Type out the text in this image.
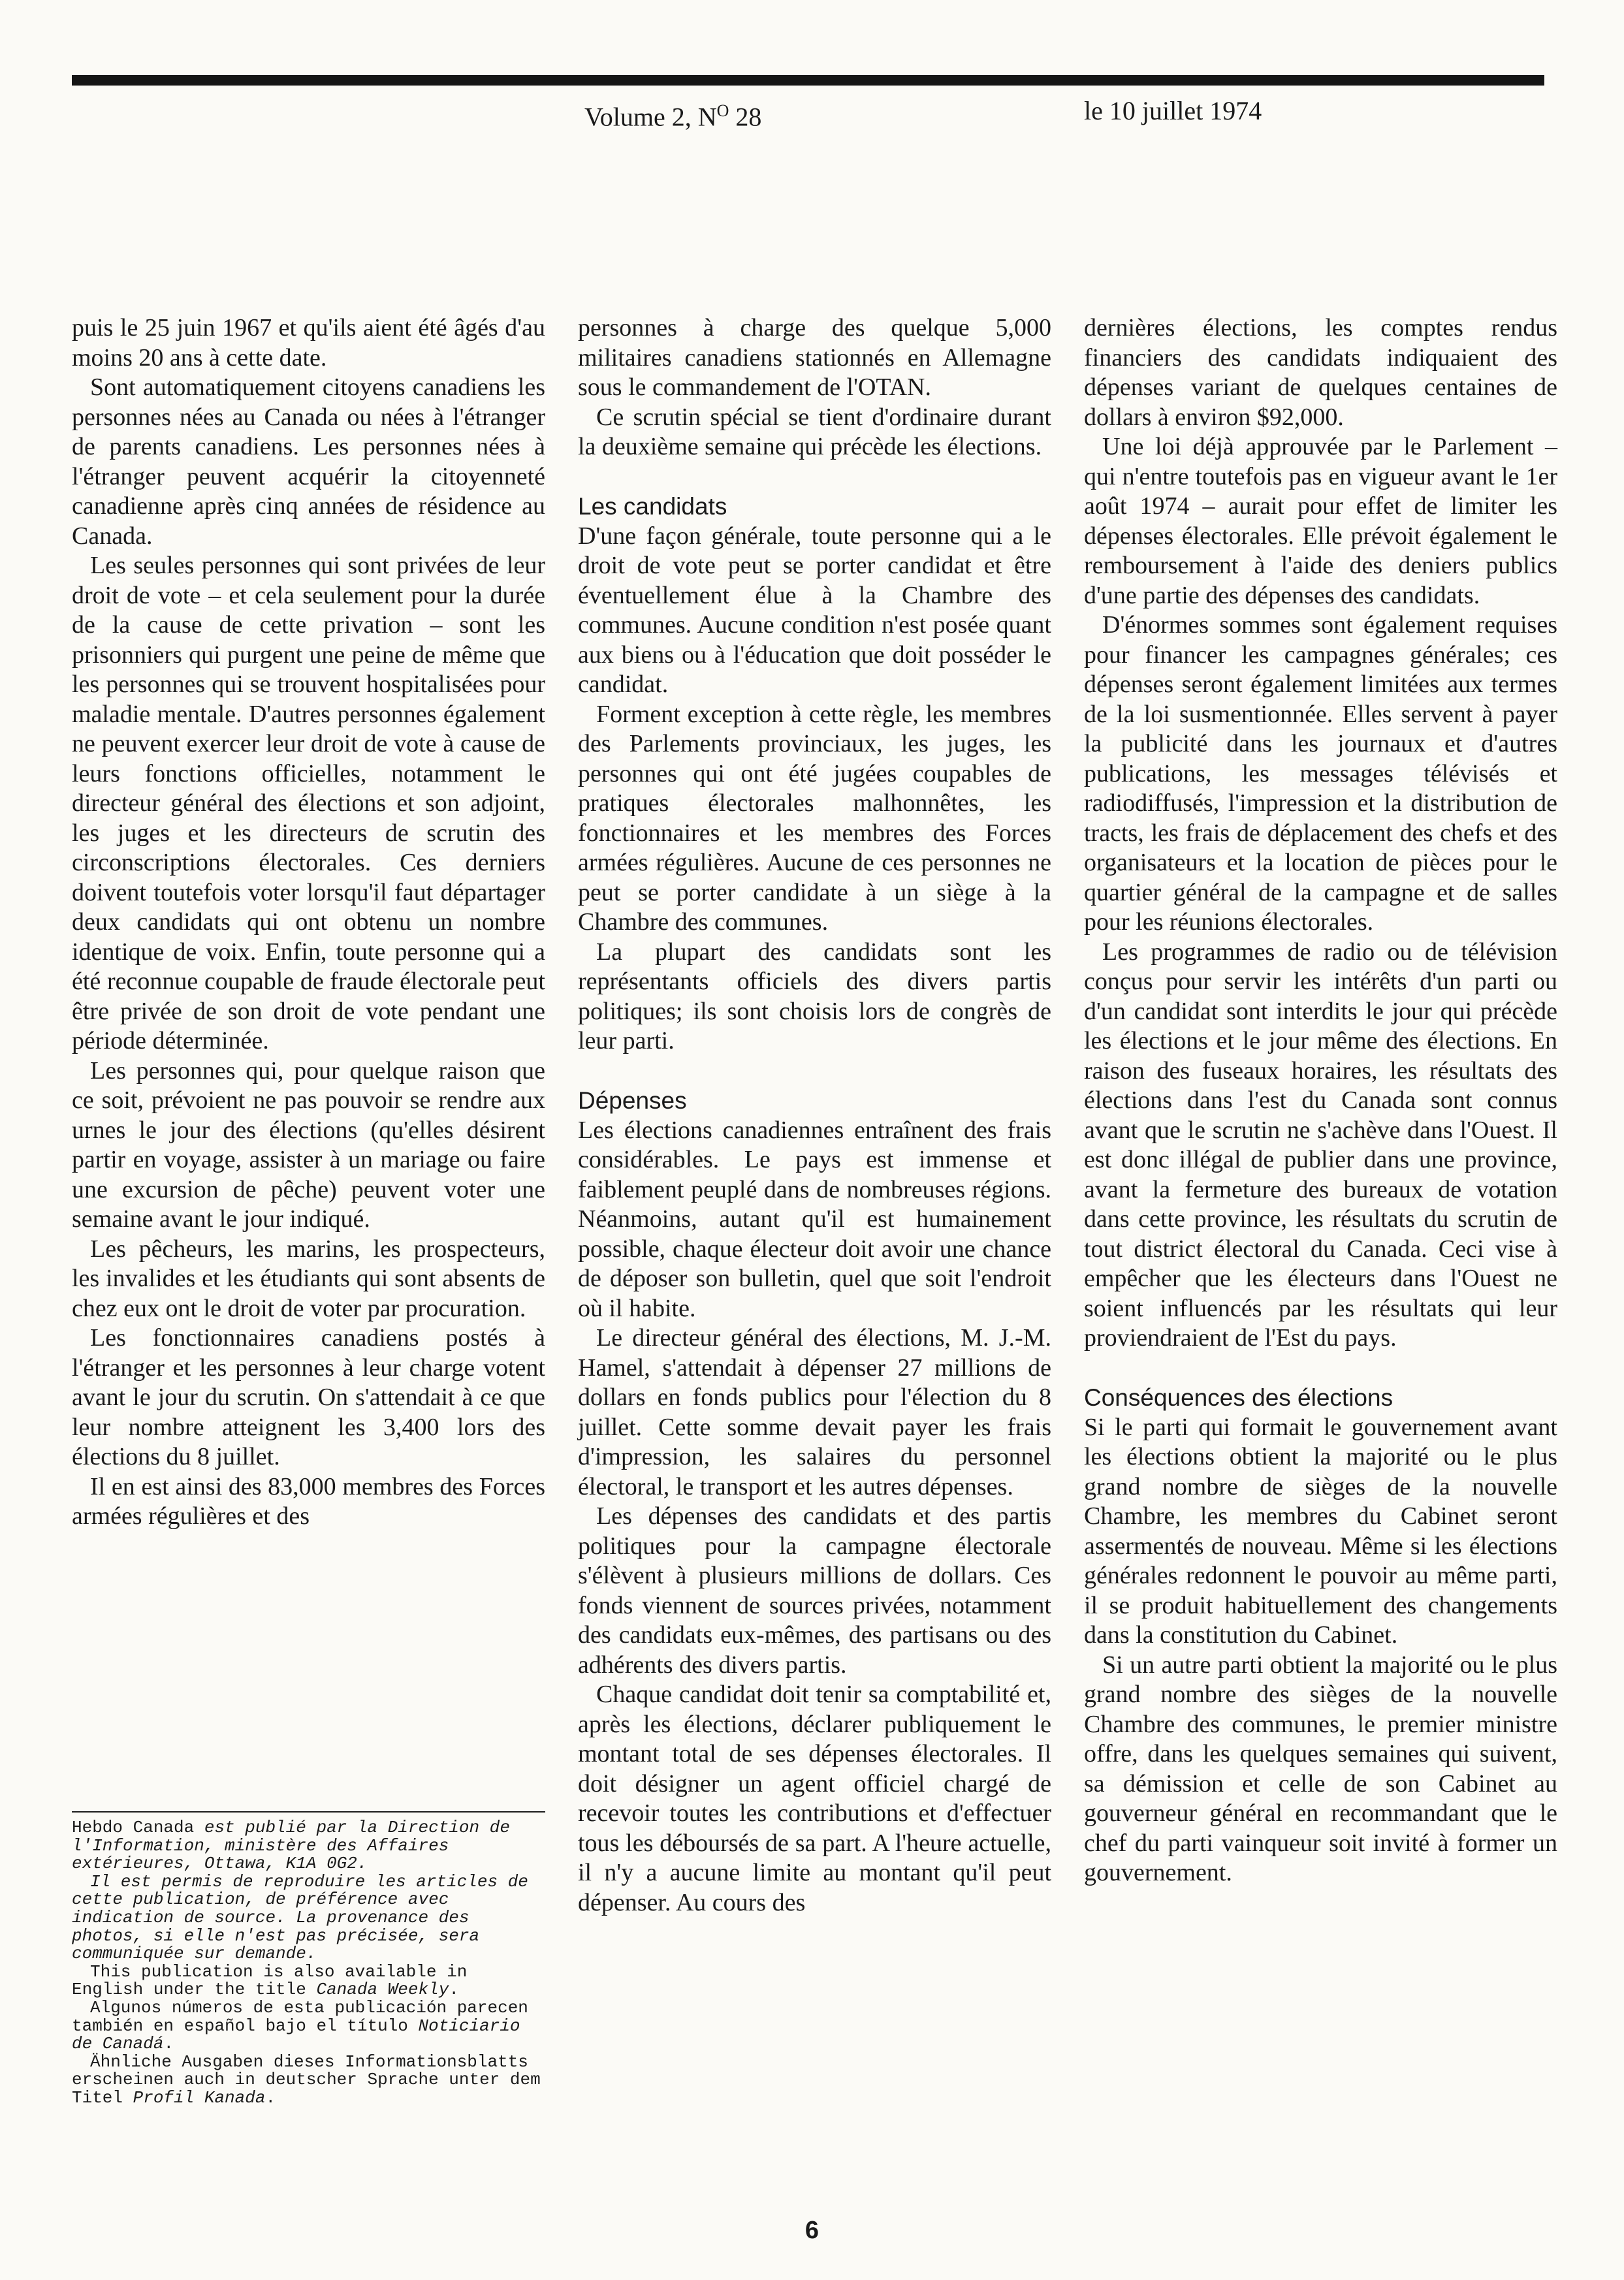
Volume 2, $N^O$ 28	le 10 juillet 1974

puis le 25 juin 1967 et qu'ils aient été âgés d'au moins 20 ans à cette date.

Sont automatiquement citoyens canadiens les personnes nées au Canada ou nées à l'étranger de parents canadiens. Les personnes nées à l'étranger peuvent acquérir la citoyenneté canadienne après cinq années de résidence au Canada.

Les seules personnes qui sont privées de leur droit de vote – et cela seulement pour la durée de la cause de cette privation – sont les prisonniers qui purgent une peine de même que les personnes qui se trouvent hospitalisées pour maladie mentale. D'autres personnes également ne peuvent exercer leur droit de vote à cause de leurs fonctions officielles, notamment le directeur général des élections et son adjoint, les juges et les directeurs de scrutin des circonscriptions électorales. Ces derniers doivent toutefois voter lorsqu'il faut départager deux candidats qui ont obtenu un nombre identique de voix. Enfin, toute personne qui a été reconnue coupable de fraude électorale peut être privée de son droit de vote pendant une période déterminée.

Les personnes qui, pour quelque raison que ce soit, prévoient ne pas pouvoir se rendre aux urnes le jour des élections (qu'elles désirent partir en voyage, assister à un mariage ou faire une excursion de pêche) peuvent voter une semaine avant le jour indiqué.

Les pêcheurs, les marins, les prospecteurs, les invalides et les étudiants qui sont absents de chez eux ont le droit de voter par procuration.

Les fonctionnaires canadiens postés à l'étranger et les personnes à leur charge votent avant le jour du scrutin. On s'attendait à ce que leur nombre atteignent les 3,400 lors des élections du 8 juillet.

Il en est ainsi des 83,000 membres des Forces armées régulières et des

Hebdo Canada est publié par la Direction de l'Information, ministère des Affaires extérieures, Ottawa, K1A 0G2.

Il est permis de reproduire les articles de cette publication, de préférence avec indication de source. La provenance des photos, si elle n'est pas précisée, sera communiquée sur demande.

This publication is also available in English under the title Canada Weekly.

Algunos números de esta publicación parecen también en español bajo el título Noticiario de Canadá.

Ähnliche Ausgaben dieses Informationsblatts erscheinen auch in deutscher Sprache unter dem Titel Profil Kanada.

personnes à charge des quelque 5,000 militaires canadiens stationnés en Allemagne sous le commandement de l'OTAN.

Ce scrutin spécial se tient d'ordinaire durant la deuxième semaine qui précède les élections.

Les candidats

D'une façon générale, toute personne qui a le droit de vote peut se porter candidat et être éventuellement élue à la Chambre des communes. Aucune condition n'est posée quant aux biens ou à l'éducation que doit posséder le candidat.

Forment exception à cette règle, les membres des Parlements provinciaux, les juges, les personnes qui ont été jugées coupables de pratiques électorales malhonnêtes, les fonctionnaires et les membres des Forces armées régulières. Aucune de ces personnes ne peut se porter candidate à un siège à la Chambre des communes.

La plupart des candidats sont les représentants officiels des divers partis politiques; ils sont choisis lors de congrès de leur parti.

Dépenses

Les élections canadiennes entraînent des frais considérables. Le pays est immense et faiblement peuplé dans de nombreuses régions. Néanmoins, autant qu'il est humainement possible, chaque électeur doit avoir une chance de déposer son bulletin, quel que soit l'endroit où il habite.

Le directeur général des élections, M. J.-M. Hamel, s'attendait à dépenser 27 millions de dollars en fonds publics pour l'élection du 8 juillet. Cette somme devait payer les frais d'impression, les salaires du personnel électoral, le transport et les autres dépenses.

Les dépenses des candidats et des partis politiques pour la campagne électorale s'élèvent à plusieurs millions de dollars. Ces fonds viennent de sources privées, notamment des candidats eux-mêmes, des partisans ou des adhérents des divers partis.

Chaque candidat doit tenir sa comptabilité et, après les élections, déclarer publiquement le montant total de ses dépenses électorales. Il doit désigner un agent officiel chargé de recevoir toutes les contributions et d'effectuer tous les déboursés de sa part. A l'heure actuelle, il n'y a aucune limite au montant qu'il peut dépenser. Au cours des

dernières élections, les comptes rendus financiers des candidats indiquaient des dépenses variant de quelques centaines de dollars à environ $92,000.

Une loi déjà approuvée par le Parlement – qui n'entre toutefois pas en vigueur avant le 1er août 1974 – aurait pour effet de limiter les dépenses électorales. Elle prévoit également le remboursement à l'aide des deniers publics d'une partie des dépenses des candidats.

D'énormes sommes sont également requises pour financer les campagnes générales; ces dépenses seront également limitées aux termes de la loi susmentionnée. Elles servent à payer la publicité dans les journaux et d'autres publications, les messages télévisés et radiodiffusés, l'impression et la distribution de tracts, les frais de déplacement des chefs et des organisateurs et la location de pièces pour le quartier général de la campagne et de salles pour les réunions électorales.

Les programmes de radio ou de télévision conçus pour servir les intérêts d'un parti ou d'un candidat sont interdits le jour qui précède les élections et le jour même des élections. En raison des fuseaux horaires, les résultats des élections dans l'est du Canada sont connus avant que le scrutin ne s'achève dans l'Ouest. Il est donc illégal de publier dans une province, avant la fermeture des bureaux de votation dans cette province, les résultats du scrutin de tout district électoral du Canada. Ceci vise à empêcher que les électeurs dans l'Ouest ne soient influencés par les résultats qui leur proviendraient de l'Est du pays.

Conséquences des élections

Si le parti qui formait le gouvernement avant les élections obtient la majorité ou le plus grand nombre de sièges de la nouvelle Chambre, les membres du Cabinet seront assermentés de nouveau. Même si les élections générales redonnent le pouvoir au même parti, il se produit habituellement des changements dans la constitution du Cabinet.

Si un autre parti obtient la majorité ou le plus grand nombre des sièges de la nouvelle Chambre des communes, le premier ministre offre, dans les quelques semaines qui suivent, sa démission et celle de son Cabinet au gouverneur général en recommandant que le chef du parti vainqueur soit invité à former un gouvernement.

6
